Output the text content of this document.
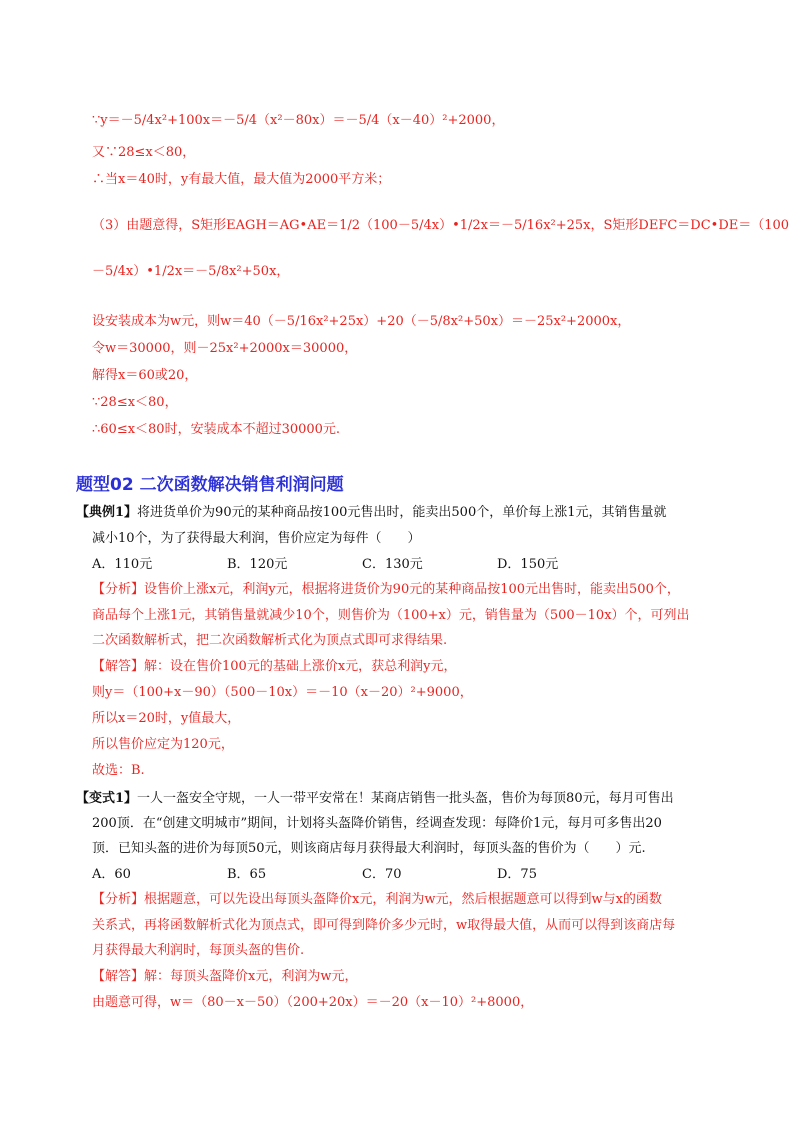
∵y＝－5/4x²+100x＝－5/4（x²－80x）＝－5/4（x－40）²+2000，
又∵28≤x＜80，
∴当x＝40时，y有最大值，最大值为2000平方米；
（3）由题意得，S矩形EAGH＝AG•AE＝1/2（100－5/4x）•1/2x＝－5/16x²+25x，S矩形DEFC＝DC•DE＝（100
－5/4x）•1/2x＝－5/8x²+50x，
设安装成本为w元，则w＝40（－5/16x²+25x）+20（－5/8x²+50x）＝－25x²+2000x，
令w＝30000，则－25x²+2000x＝30000，
解得x＝60或20，
∵28≤x＜80，
∴60≤x＜80时，安装成本不超过30000元.
题型02 二次函数解决销售利润问题
【典例1】将进货单价为90元的某种商品按100元售出时，能卖出500个，单价每上涨1元，其销售量就
减小10个，为了获得最大利润，售价应定为每件（　　）
A．110元	B．120元	C．130元	D．150元
【分析】设售价上涨x元，利润y元，根据将进货价为90元的某种商品按100元出售时，能卖出500个，
商品每个上涨1元，其销售量就减少10个，则售价为（100+x）元，销售量为（500－10x）个，可列出
二次函数解析式，把二次函数解析式化为顶点式即可求得结果.
【解答】解：设在售价100元的基础上涨价x元，获总利润y元，
则y＝（100+x－90）（500－10x）＝－10（x－20）²+9000，
所以x＝20时，y值最大，
所以售价应定为120元，
故选：B.
【变式1】一人一盔安全守规，一人一带平安常在！某商店销售一批头盔，售价为每顶80元，每月可售出
200顶．在“创建文明城市”期间，计划将头盔降价销售，经调查发现：每降价1元，每月可多售出20
顶．已知头盔的进价为每顶50元，则该商店每月获得最大利润时，每顶头盔的售价为（　　）元.
A．60	B．65	C．70	D．75
【分析】根据题意，可以先设出每顶头盔降价x元，利润为w元，然后根据题意可以得到w与x的函数
关系式，再将函数解析式化为顶点式，即可得到降价多少元时，w取得最大值，从而可以得到该商店每
月获得最大利润时，每顶头盔的售价.
【解答】解：每顶头盔降价x元，利润为w元，
由题意可得，w＝（80－x－50）（200+20x）＝－20（x－10）²+8000，
